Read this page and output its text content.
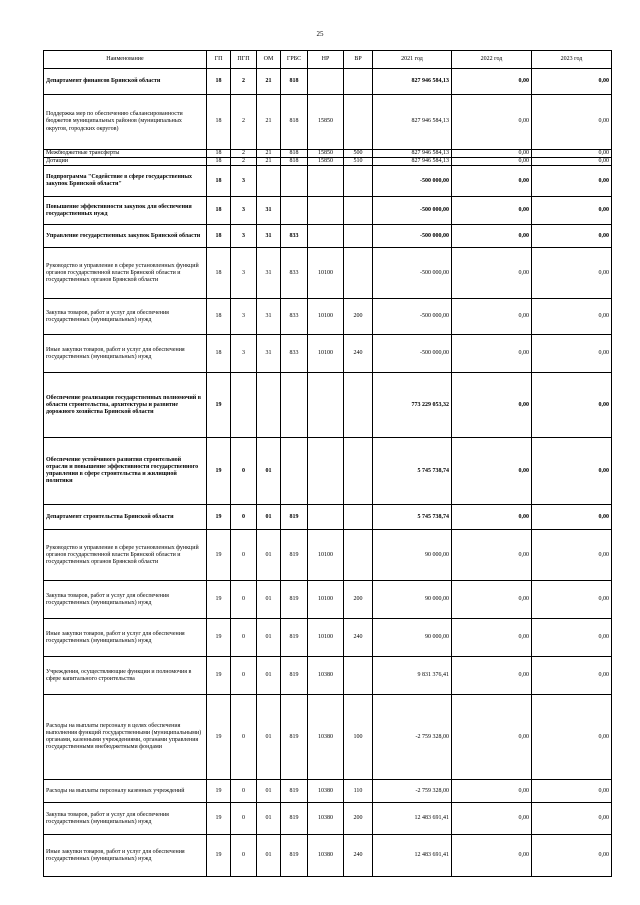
25
Наименование	ГП	ПГП	ОМ	ГРБС	НР	ВР	2021 год	2022 год	2023 год
Департамент финансов Брянской области	18	2	21	818			827 946 584,13	0,00	0,00
Поддержка мер по обеспечению сбалансированности бюджетов муниципальных районов (муниципальных округов, городских округов)	18	2	21	818	15850		827 946 584,13	0,00	0,00
Межбюджетные трансферты	18	2	21	818	15850	500	827 946 584,13	0,00	0,00
Дотации	18	2	21	818	15850	510	827 946 584,13	0,00	0,00
Подпрограмма "Содействие в сфере государственных закупок Брянской области"	18	3					-500 000,00	0,00	0,00
Повышение эффективности закупок для обеспечения государственных нужд	18	3	31				-500 000,00	0,00	0,00
Управление государственных закупок Брянской области	18	3	31	833			-500 000,00	0,00	0,00
Руководство и управление в сфере установленных функций органов государственной власти Брянской области и государственных органов Брянской области	18	3	31	833	10100		-500 000,00	0,00	0,00
Закупка товаров, работ и услуг для обеспечения государственных (муниципальных) нужд	18	3	31	833	10100	200	-500 000,00	0,00	0,00
Иные закупки товаров, работ и услуг для обеспечения государственных (муниципальных) нужд	18	3	31	833	10100	240	-500 000,00	0,00	0,00
Обеспечение реализации государственных полномочий в области строительства, архитектуры и развитие дорожного хозяйства Брянской области	19						773 229 053,32	0,00	0,00
Обеспечение устойчивого развития строительной отрасли и повышение эффективности государственного управления в сфере строительства и жилищной политики	19	0	01				5 745 738,74	0,00	0,00
Департамент строительства Брянской области	19	0	01	819			5 745 738,74	0,00	0,00
Руководство и управление в сфере установленных функций органов государственной власти Брянской области и государственных органов Брянской области	19	0	01	819	10100		90 000,00	0,00	0,00
Закупка товаров, работ и услуг для обеспечения государственных (муниципальных) нужд	19	0	01	819	10100	200	90 000,00	0,00	0,00
Иные закупки товаров, работ и услуг для обеспечения государственных (муниципальных) нужд	19	0	01	819	10100	240	90 000,00	0,00	0,00
Учреждения, осуществляющие функции и полномочия в сфере капитального строительства	19	0	01	819	10380		9 831 376,41	0,00	0,00
Расходы на выплаты персоналу в целях обеспечения выполнения функций государственными (муниципальными) органами, казенными учреждениями, органами управления государственными внебюджетными фондами	19	0	01	819	10380	100	-2 759 328,00	0,00	0,00
Расходы на выплаты персоналу казенных учреждений	19	0	01	819	10380	110	-2 759 328,00	0,00	0,00
Закупка товаров, работ и услуг для обеспечения государственных (муниципальных) нужд	19	0	01	819	10380	200	12 483 691,41	0,00	0,00
Иные закупки товаров, работ и услуг для обеспечения государственных (муниципальных) нужд	19	0	01	819	10380	240	12 483 691,41	0,00	0,00
